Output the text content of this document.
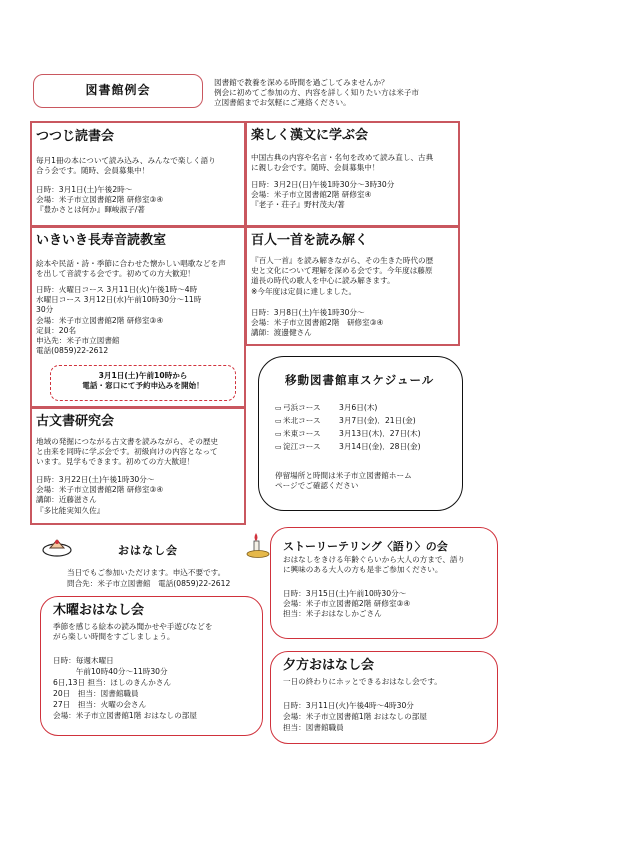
図書館例会
図書館で教養を深める時間を過ごしてみませんか？
例会に初めてご参加の方、内容を詳しく知りたい方は米子市
立図書館までお気軽にご連絡ください。
つつじ読書会
毎月1冊の本について読み込み、みんなで楽しく語り
合う会です。随時、会員募集中！
日時：3月1日(土)午後2時～
会場：米子市立図書館2階 研修室③④
『豊かさとは何か』暉峻淑子/著
いきいき長寿音読教室
絵本や民話・詩・季節に合わせた懐かしい唱歌などを声
を出して音読する会です。初めての方大歓迎！
日時：火曜日コース 3月11日(火)午後1時～4時
水曜日コース 3月12日(水)午前10時30分～11時
30分
会場：米子市立図書館2階 研修室③④
定員：20名
申込先：米子市立図書館
電話(0859)22-2612
3月1日(土)午前10時から
電話・窓口にて予約申込みを開始！
古文書研究会
地域の発掘につながる古文書を読みながら、その歴史
と由来を同時に学ぶ会です。初級向けの内容となって
います。見学もできます。初めての方大歓迎！
日時：3月22日(土)午後1時30分～
会場：米子市立図書館2階 研修室③④
講師：近藤滋さん
『多比能実知久佐』
楽しく漢文に学ぶ会
中国古典の内容や名言・名句を改めて読み直し、古典
に親しむ会です。随時、会員募集中！
日時：3月2日(日)午後1時30分～3時30分
会場：米子市立図書館2階 研修室④
『老子・荘子』野村茂夫/著
百人一首を読み解く
『百人一首』を読み解きながら、その生きた時代の歴
史と文化について理解を深める会です。今年度は藤原
道長の時代の歌人を中心に読み解きます。
※今年度は定員に達しました。
日時：3月8日(土)午後1時30分～
会場：米子市立図書館2階　研修室③④
講師：渡邊健さん
移動図書館車スケジュール
▭ 弓浜コース	3月6日(木)
▭ 米北コース	3月7日(金)．21日(金)
▭ 米東コース	3月13日(木)．27日(木)
▭ 淀江コース	3月14日(金)．28日(金)
停留場所と時間は米子市立図書館ホーム
ページでご確認ください
おはなし会
当日でもご参加いただけます。申込不要です。
問合先：米子市立図書館　電話(0859)22-2612
木曜おはなし会
季節を感じる絵本の読み聞かせや手遊びなどを
がら楽しい時間をすごしましょう。
日時：毎週木曜日
　　　午前10時40分～11時30分
6日,13日 担当：ほしのきんかさん
20日　担当：図書館職員
27日　担当：火曜の会さん
会場：米子市立図書館1階 おはなしの部屋
ストーリーテリング〈語り〉の会
おはなしをきける年齢ぐらいから大人の方まで、語り
に興味のある大人の方も是非ご参加ください。
日時：3月15日(土)午前10時30分～
会場：米子市立図書館2階 研修室③④
担当：米子おはなしかごさん
夕方おはなし会
一日の終わりにホッとできるおはなし会です。
日時：3月11日(火)午後4時～4時30分
会場：米子市立図書館1階 おはなしの部屋
担当：図書館職員
